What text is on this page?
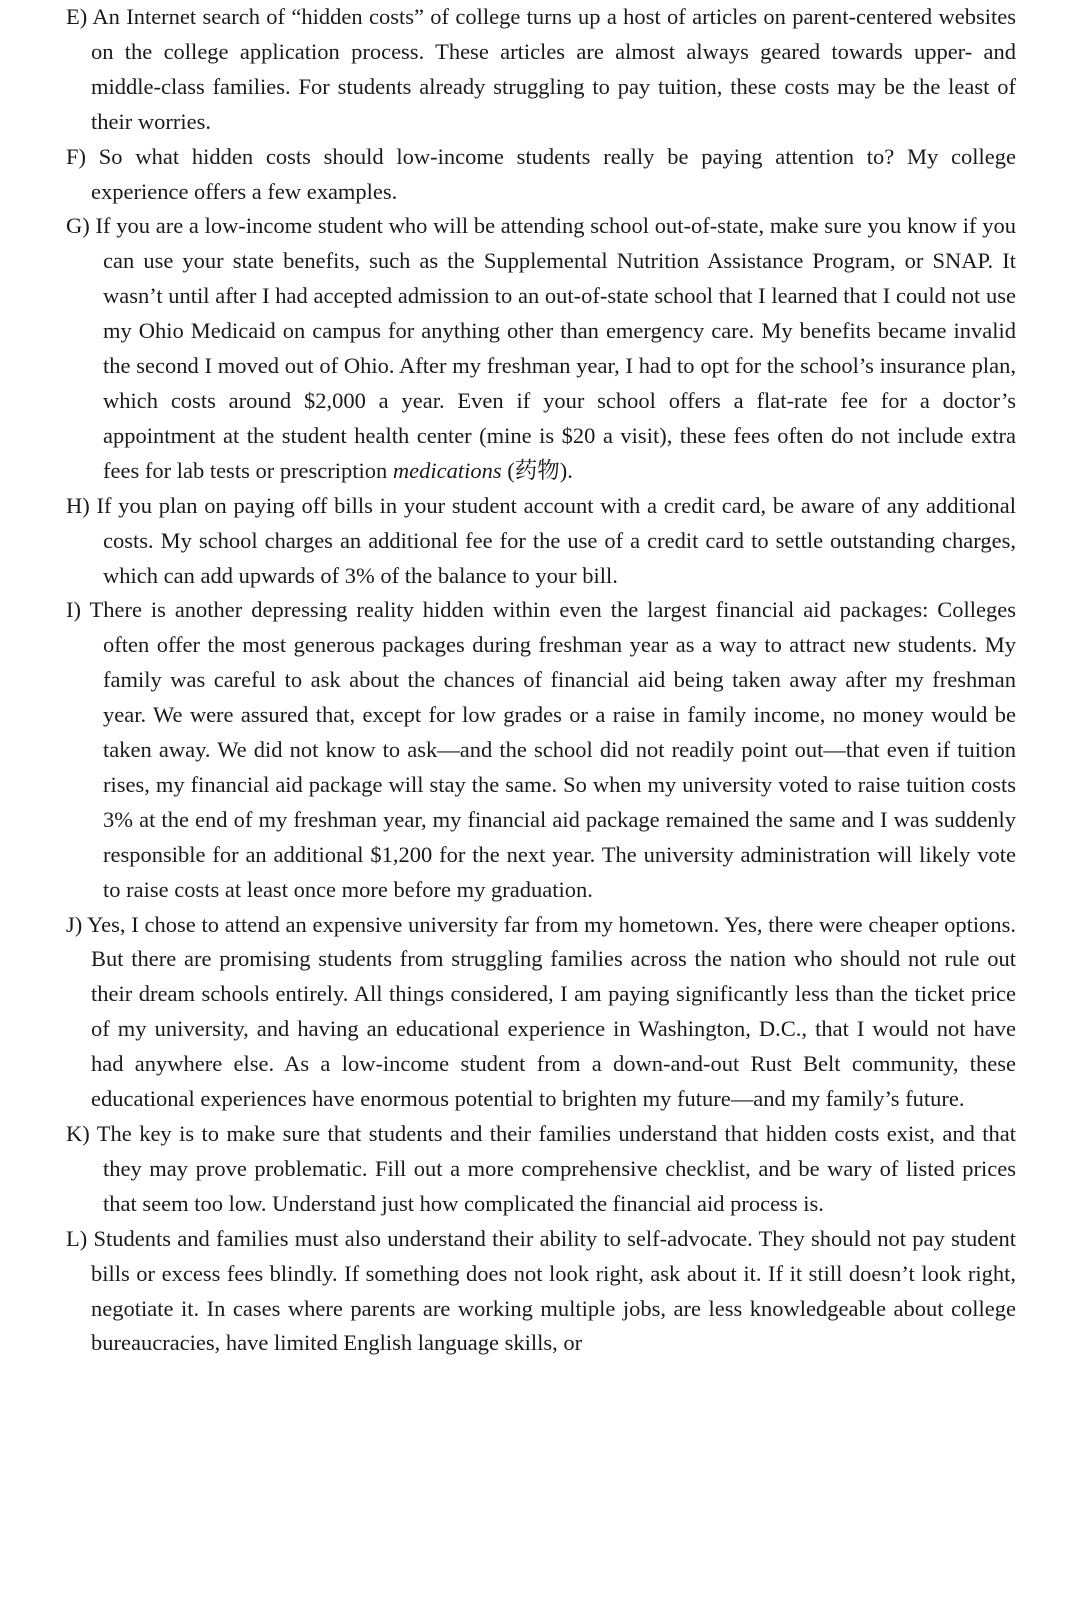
E) An Internet search of “hidden costs” of college turns up a host of articles on parent-centered websites on the college application process. These articles are almost always geared towards upper- and middle-class families. For students already struggling to pay tuition, these costs may be the least of their worries.

F) So what hidden costs should low-income students really be paying attention to? My college experience offers a few examples.

G) If you are a low-income student who will be attending school out-of-state, make sure you know if you can use your state benefits, such as the Supplemental Nutrition Assistance Program, or SNAP. It wasn’t until after I had accepted admission to an out-of-state school that I learned that I could not use my Ohio Medicaid on campus for anything other than emergency care. My benefits became invalid the second I moved out of Ohio. After my freshman year, I had to opt for the school’s insurance plan, which costs around $2,000 a year. Even if your school offers a flat-rate fee for a doctor’s appointment at the student health center (mine is $20 a visit), these fees often do not include extra fees for lab tests or prescription medications (药物).

H) If you plan on paying off bills in your student account with a credit card, be aware of any additional costs. My school charges an additional fee for the use of a credit card to settle outstanding charges, which can add upwards of 3% of the balance to your bill.

I) There is another depressing reality hidden within even the largest financial aid packages: Colleges often offer the most generous packages during freshman year as a way to attract new students. My family was careful to ask about the chances of financial aid being taken away after my freshman year. We were assured that, except for low grades or a raise in family income, no money would be taken away. We did not know to ask—and the school did not readily point out—that even if tuition rises, my financial aid package will stay the same. So when my university voted to raise tuition costs 3% at the end of my freshman year, my financial aid package remained the same and I was suddenly responsible for an additional $1,200 for the next year. The university administration will likely vote to raise costs at least once more before my graduation.

J) Yes, I chose to attend an expensive university far from my hometown. Yes, there were cheaper options. But there are promising students from struggling families across the nation who should not rule out their dream schools entirely. All things considered, I am paying significantly less than the ticket price of my university, and having an educational experience in Washington, D.C., that I would not have had anywhere else. As a low-income student from a down-and-out Rust Belt community, these educational experiences have enormous potential to brighten my future—and my family’s future.

K) The key is to make sure that students and their families understand that hidden costs exist, and that they may prove problematic. Fill out a more comprehensive checklist, and be wary of listed prices that seem too low. Understand just how complicated the financial aid process is.

L) Students and families must also understand their ability to self-advocate. They should not pay student bills or excess fees blindly. If something does not look right, ask about it. If it still doesn’t look right, negotiate it. In cases where parents are working multiple jobs, are less knowledgeable about college bureaucracies, have limited English language skills, or
